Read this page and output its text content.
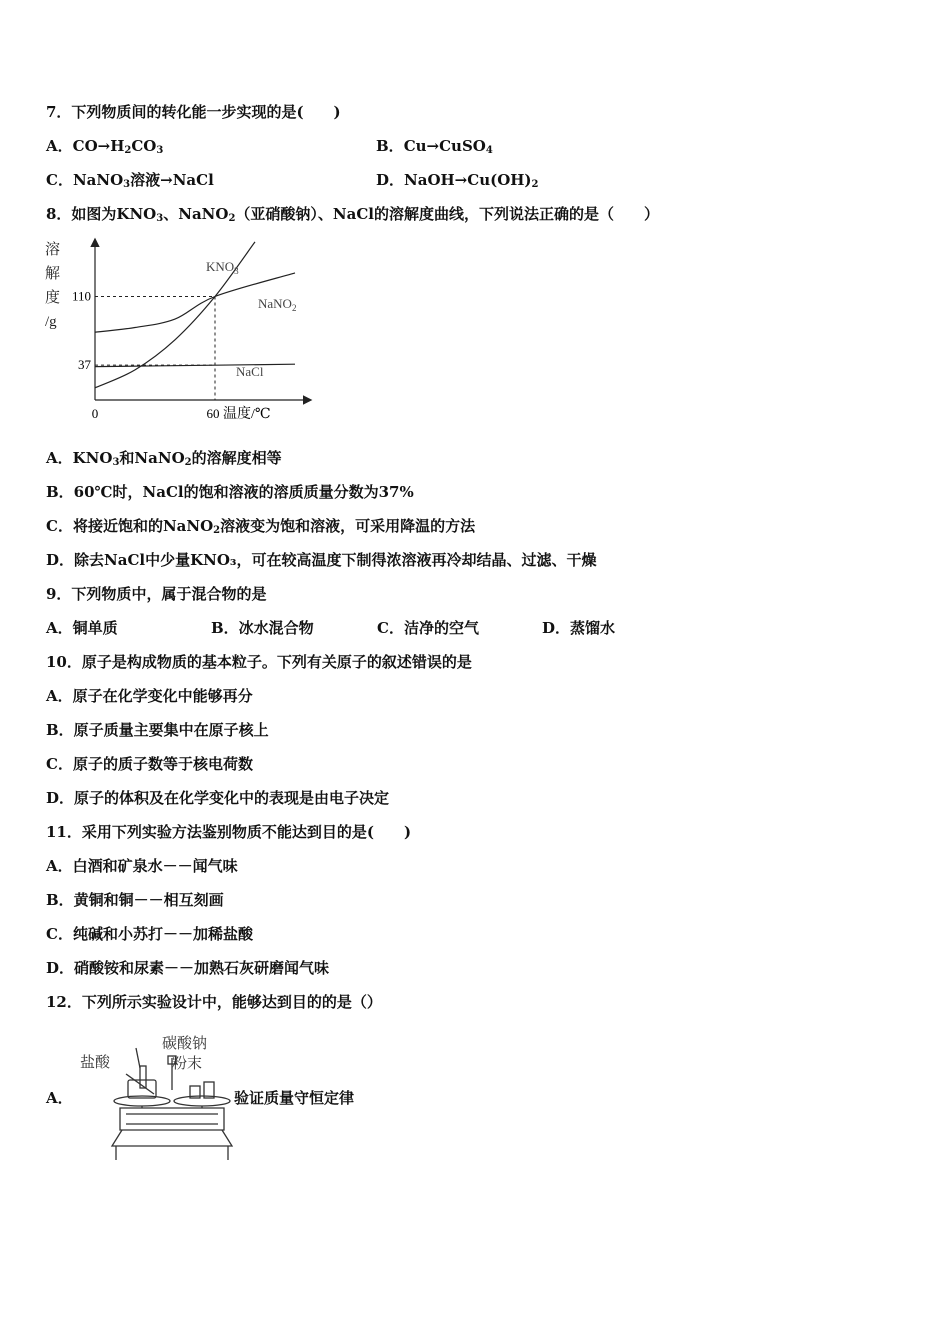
7．下列物质间的转化能一步实现的是(　　)
A．$CO\to H_2CO_3$	B．Cu→CuSO$_4$
C．NaNO$_3$溶液→NaCl	D．$NaOH\to Cu(OH)_2$
8．如图为$KNO_3$、NaNO$_2$（亚硝酸钠）、NaCl的溶解度曲线，下列说法正确的是（　　）
溶
解
度
/g
110
37
0	60 温度/℃
$KNO_3$
NaNO$_2$
NaCl
A．$KNO_3$和NaNO$_2$的溶解度相等
B．60℃时，NaCl的饱和溶液的溶质质量分数为37%
C．将接近饱和的NaNO$_2$溶液变为饱和溶液，可采用降温的方法
D．除去NaCl中少量KNO₃，可在较高温度下制得浓溶液再冷却结晶、过滤、干燥
9．下列物质中，属于混合物的是
A．铜单质	B．冰水混合物	C．洁净的空气	D．蒸馏水
10．原子是构成物质的基本粒子。下列有关原子的叙述错误的是
A．原子在化学变化中能够再分
B．原子质量主要集中在原子核上
C．原子的质子数等于核电荷数
D．原子的体积及在化学变化中的表现是由电子决定
11．采用下列实验方法鉴别物质不能达到目的是(　　)
A．白酒和矿泉水－－闻气味
B．黄铜和铜－－相互刻画
C．纯碱和小苏打－－加稀盐酸
D．硝酸铵和尿素－－加熟石灰研磨闻气味
12．下列所示实验设计中，能够达到目的的是（）
A．	验证质量守恒定律
盐酸
碳酸钠
粉末
